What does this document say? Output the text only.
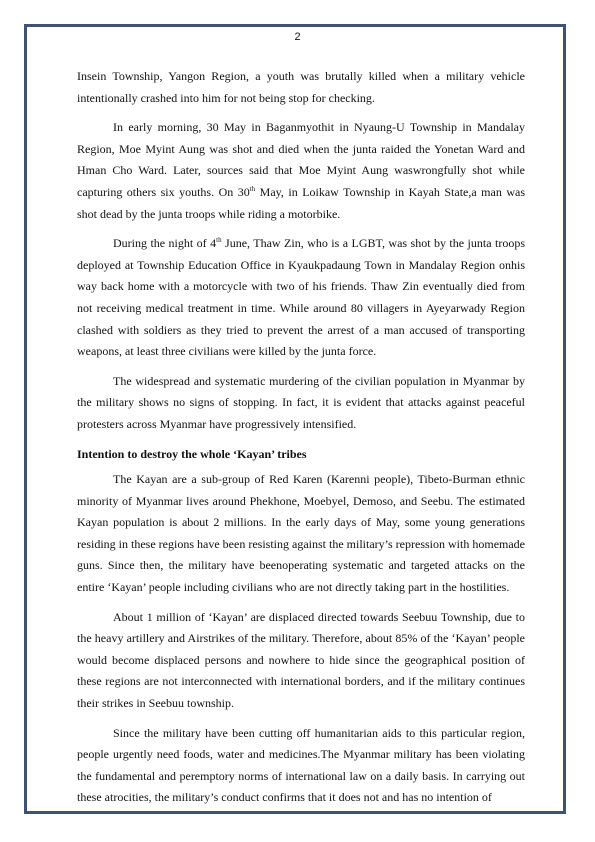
2

Insein Township, Yangon Region, a youth was brutally killed when a military vehicle intentionally crashed into him for not being stop for checking.

In early morning, 30 May in Baganmyothit in Nyaung-U Township in Mandalay Region, Moe Myint Aung was shot and died when the junta raided the Yonetan Ward and Hman Cho Ward. Later, sources said that Moe Myint Aung waswrongfully shot while capturing others six youths. On 30th May, in Loikaw Township in Kayah State,a man was shot dead by the junta troops while riding a motorbike.

During the night of 4th June, Thaw Zin, who is a LGBT, was shot by the junta troops deployed at Township Education Office in Kyaukpadaung Town in Mandalay Region onhis way back home with a motorcycle with two of his friends. Thaw Zin eventually died from not receiving medical treatment in time. While around 80 villagers in Ayeyarwady Region clashed with soldiers as they tried to prevent the arrest of a man accused of transporting weapons, at least three civilians were killed by the junta force.

The widespread and systematic murdering of the civilian population in Myanmar by the military shows no signs of stopping. In fact, it is evident that attacks against peaceful protesters across Myanmar have progressively intensified.

Intention to destroy the whole ‘Kayan’ tribes

The Kayan are a sub-group of Red Karen (Karenni people), Tibeto-Burman ethnic minority of Myanmar lives around Phekhone, Moebyel, Demoso, and Seebu. The estimated Kayan population is about 2 millions. In the early days of May, some young generations residing in these regions have been resisting against the military’s repression with homemade guns. Since then, the military have beenoperating systematic and targeted attacks on the entire ‘Kayan’ people including civilians who are not directly taking part in the hostilities.

About 1 million of ‘Kayan’ are displaced directed towards Seebuu Township, due to the heavy artillery and Airstrikes of the military. Therefore, about 85% of the ‘Kayan’ people would become displaced persons and nowhere to hide since the geographical position of these regions are not interconnected with international borders, and if the military continues their strikes in Seebuu township.

Since the military have been cutting off humanitarian aids to this particular region, people urgently need foods, water and medicines.The Myanmar military has been violating the fundamental and peremptory norms of international law on a daily basis. In carrying out these atrocities, the military’s conduct confirms that it does not and has no intention of
